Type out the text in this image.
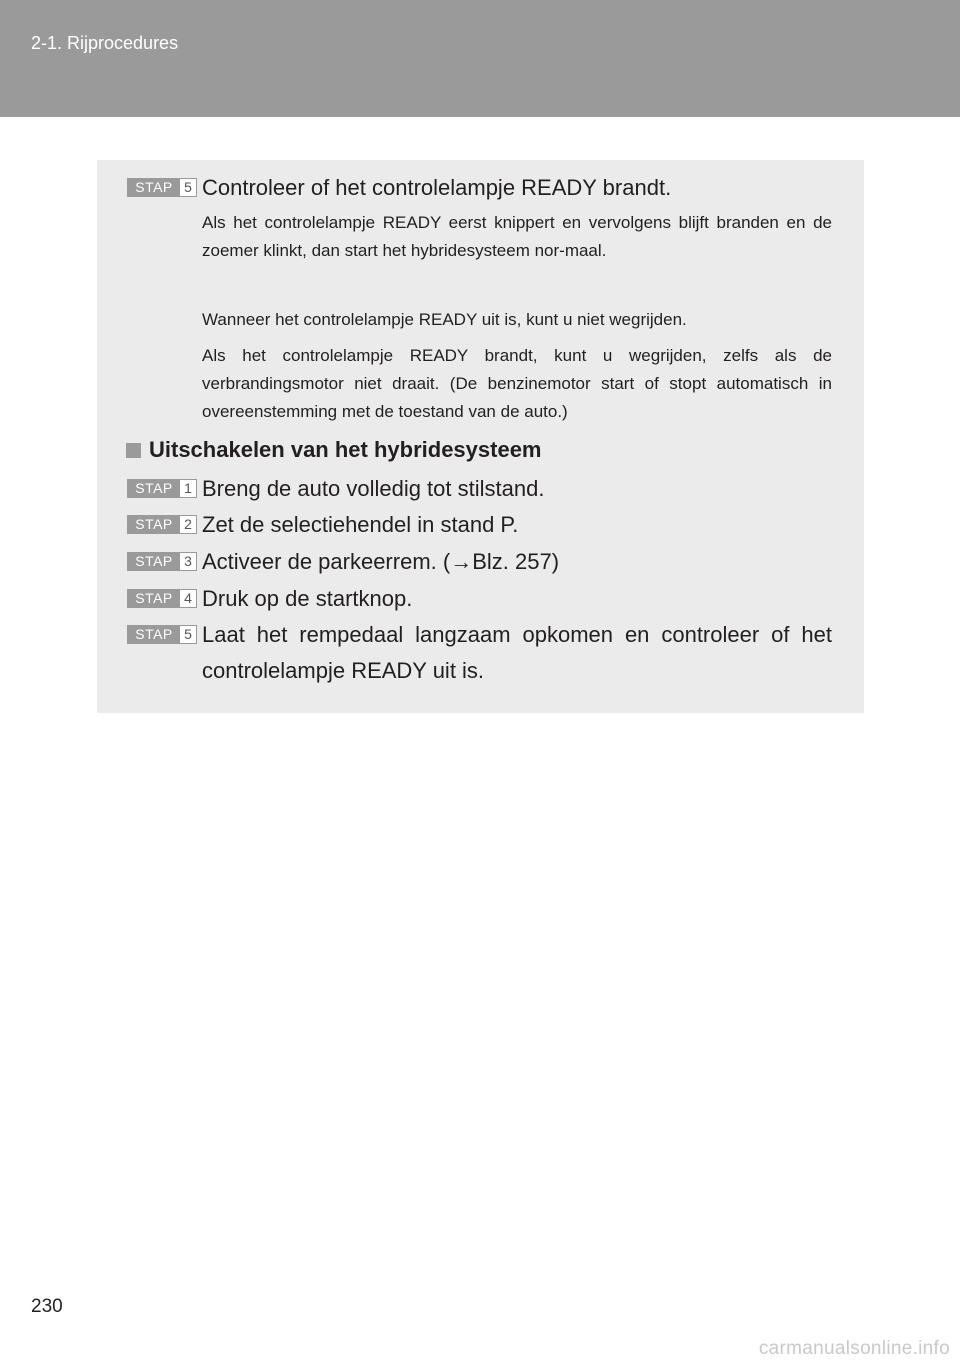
2-1. Rijprocedures
STAP 5 Controleer of het controlelampje READY brandt.
Als het controlelampje READY eerst knippert en vervolgens blijft branden en de zoemer klinkt, dan start het hybridesysteem nor-maal.
Wanneer het controlelampje READY uit is, kunt u niet wegrijden.
Als het controlelampje READY brandt, kunt u wegrijden, zelfs als de verbrandingsmotor niet draait. (De benzinemotor start of stopt automatisch in overeenstemming met de toestand van de auto.)
Uitschakelen van het hybridesysteem
STAP 1 Breng de auto volledig tot stilstand.
STAP 2 Zet de selectiehendel in stand P.
STAP 3 Activeer de parkeerrem. (→Blz. 257)
STAP 4 Druk op de startknop.
STAP 5 Laat het rempedaal langzaam opkomen en controleer of het controlelampje READY uit is.
230
carmanualsonline.info
